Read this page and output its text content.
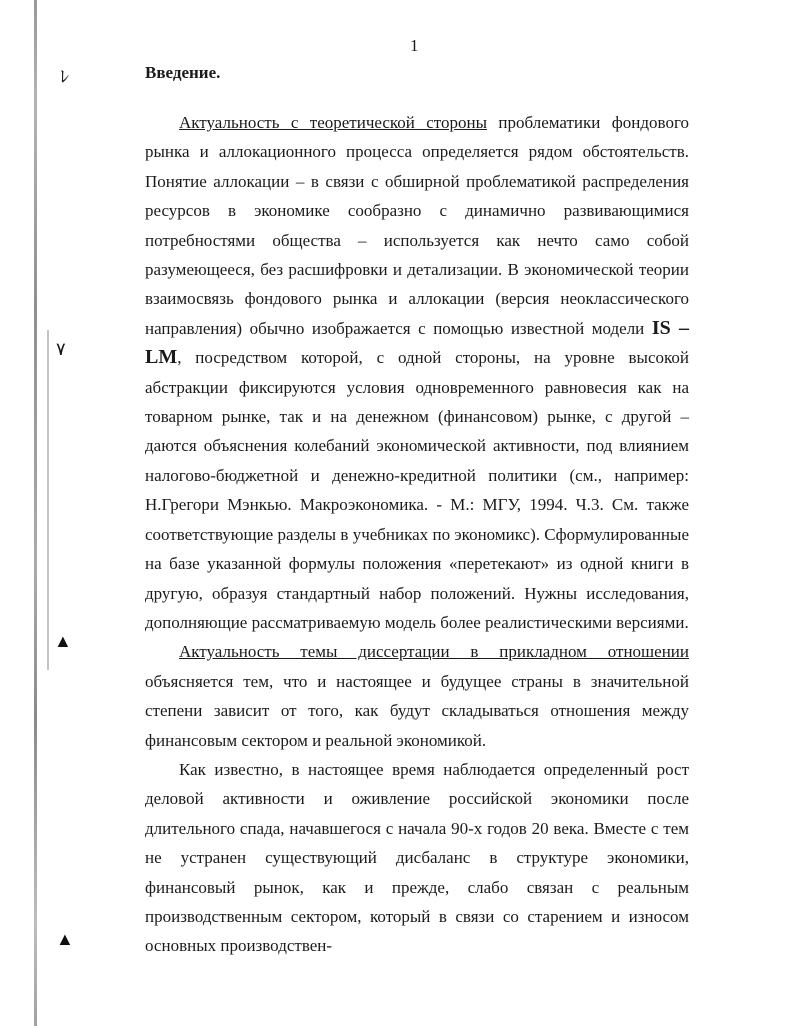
ﾚ
٧
▲
▲
1
Введение.

Актуальность с теоретической стороны проблематики фондового рынка и аллокационного процесса определяется рядом обстоятельств. Понятие аллокации – в связи с обширной проблематикой распределения ресурсов в экономике сообразно с динамично развивающимися потребностями общества – используется как нечто само собой разумеющееся, без расшифровки и детализации. В экономической теории взаимосвязь фондового рынка и аллокации (версия неоклассического направления) обычно изображается с помощью известной модели IS – LM, посредством которой, с одной стороны, на уровне высокой абстракции фиксируются условия одновременного равновесия как на товарном рынке, так и на денежном (финансовом) рынке, с другой – даются объяснения колебаний экономической активности, под влиянием налогово-бюджетной и денежно-кредитной политики (см., например: Н.Грегори Мэнкью. Макроэкономика. - М.: МГУ, 1994. Ч.3. См. также соответствующие разделы в учебниках по экономикс). Сформулированные на базе указанной формулы положения «перетекают» из одной книги в другую, образуя стандартный набор положений. Нужны исследования, дополняющие рассматриваемую модель более реалистическими версиями.

Актуальность темы диссертации в прикладном отношении объясняется тем, что и настоящее и будущее страны в значительной степени зависит от того, как будут складываться отношения между финансовым сектором и реальной экономикой.

Как известно, в настоящее время наблюдается определенный рост деловой активности и оживление российской экономики после длительного спада, начавшегося с начала 90-х годов 20 века. Вместе с тем не устранен существующий дисбаланс в структуре экономики, финансовый рынок, как и прежде, слабо связан с реальным производственным сектором, который в связи со старением и износом основных производствен-
